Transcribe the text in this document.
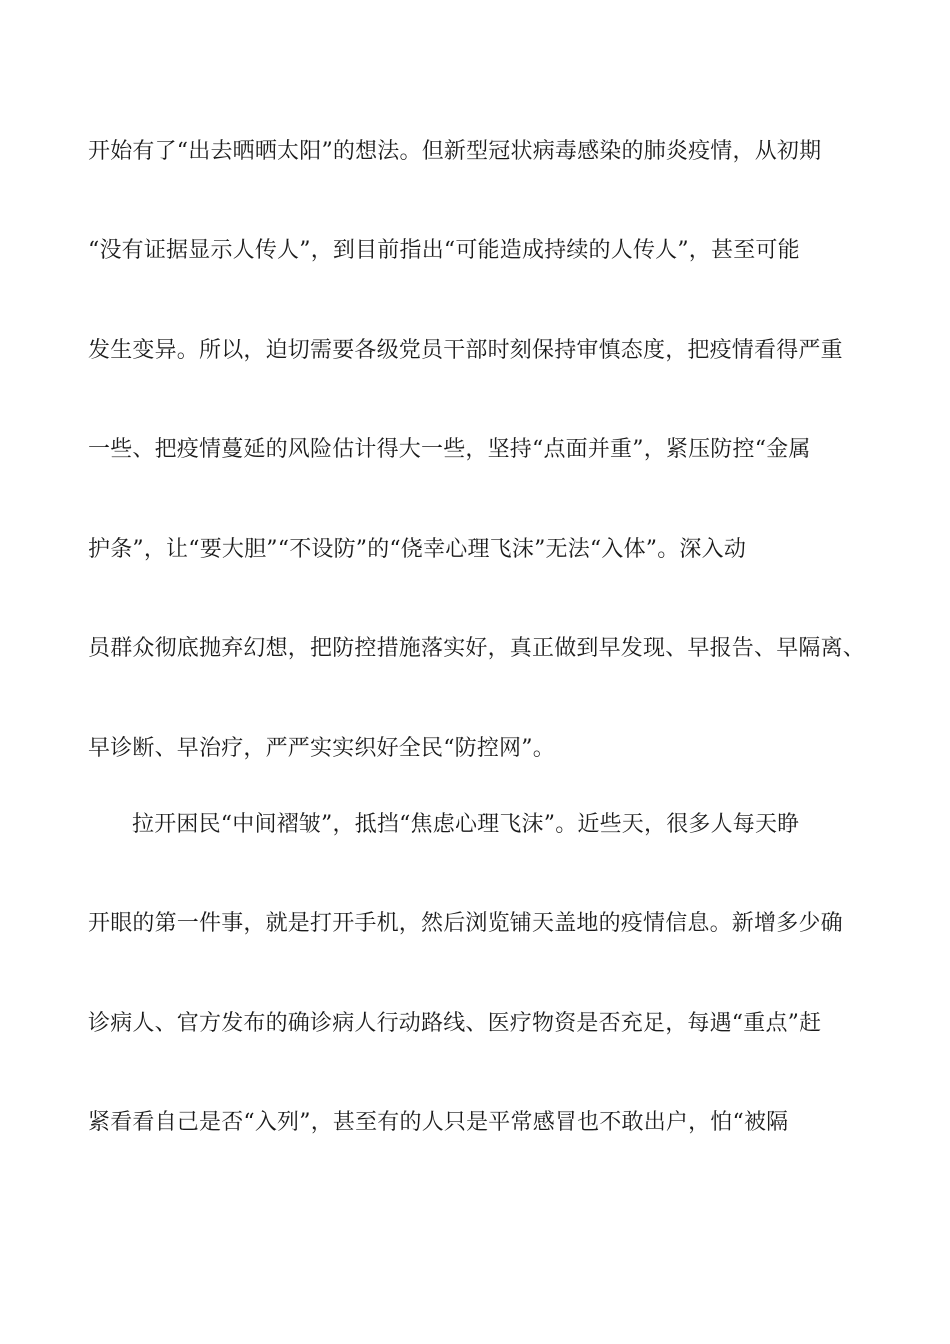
开始有了“出去晒晒太阳”的想法。但新型冠状病毒感染的肺炎疫情，从初期
“没有证据显示人传人”，到目前指出“可能造成持续的人传人”，甚至可能
发生变异。所以，迫切需要各级党员干部时刻保持审慎态度，把疫情看得严重
一些、把疫情蔓延的风险估计得大一些，坚持“点面并重”，紧压防控“金属
护条”，让“要大胆”“不设防”的“侥幸心理飞沫”无法“入体”。深入动
员群众彻底抛弃幻想，把防控措施落实好，真正做到早发现、早报告、早隔离、
早诊断、早治疗，严严实实织好全民“防控网”。
拉开困民“中间褶皱”，抵挡“焦虑心理飞沫”。近些天，很多人每天睁
开眼的第一件事，就是打开手机，然后浏览铺天盖地的疫情信息。新增多少确
诊病人、官方发布的确诊病人行动路线、医疗物资是否充足，每遇“重点”赶
紧看看自己是否“入列”，甚至有的人只是平常感冒也不敢出户，怕“被隔
